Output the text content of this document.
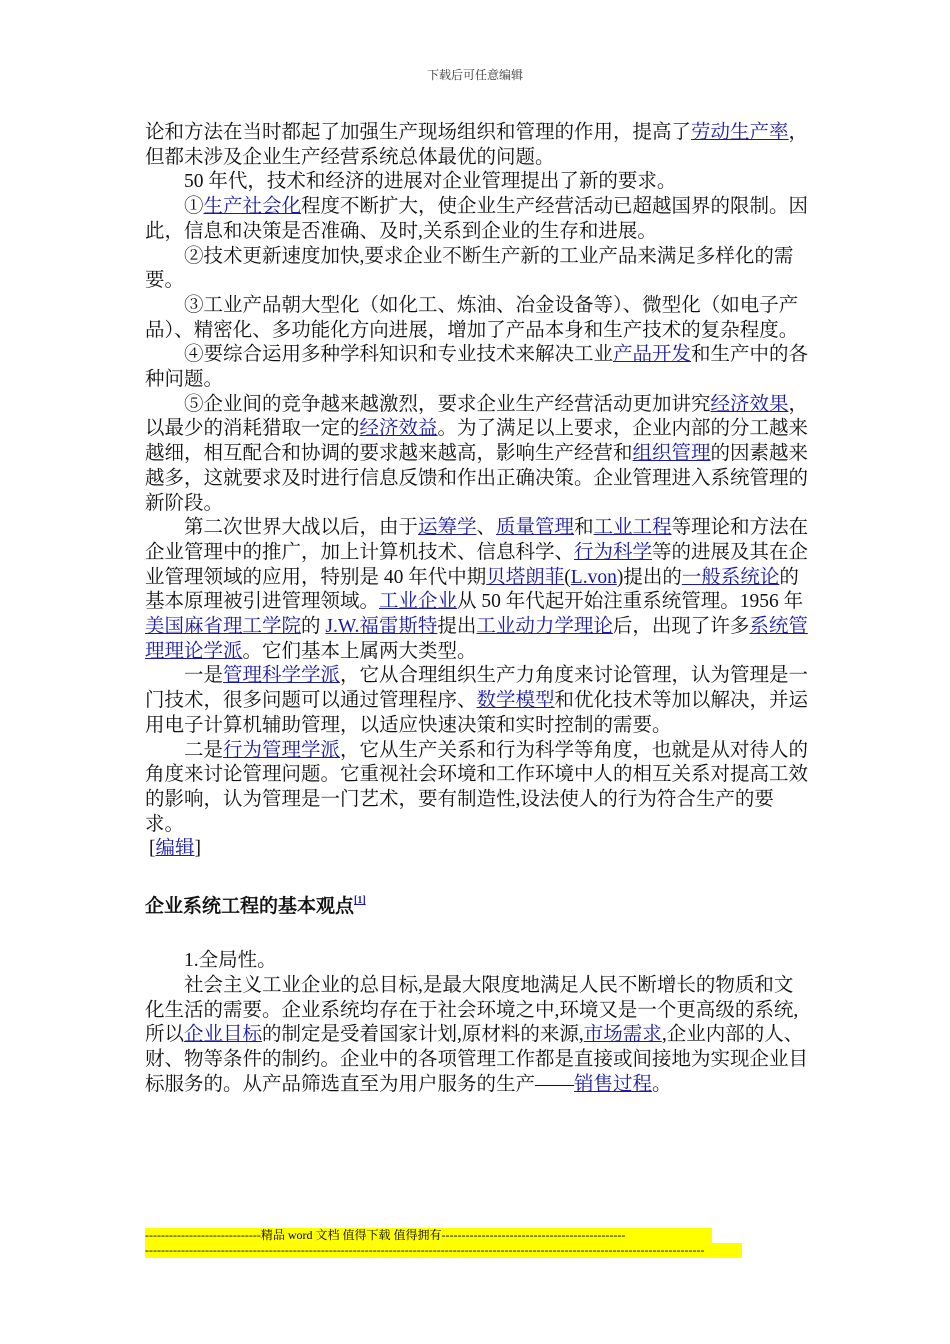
下载后可任意编辑

论和方法在当时都起了加强生产现场组织和管理的作用，提高了劳动生产率，但都未涉及企业生产经营系统总体最优的问题。

50 年代，技术和经济的进展对企业管理提出了新的要求。

①生产社会化程度不断扩大，使企业生产经营活动已超越国界的限制。因此，信息和决策是否准确、及时,关系到企业的生存和进展。

②技术更新速度加快,要求企业不断生产新的工业产品来满足多样化的需要。

③工业产品朝大型化（如化工、炼油、冶金设备等）、微型化（如电子产品）、精密化、多功能化方向进展，增加了产品本身和生产技术的复杂程度。

④要综合运用多种学科知识和专业技术来解决工业产品开发和生产中的各种问题。

⑤企业间的竞争越来越激烈，要求企业生产经营活动更加讲究经济效果，以最少的消耗猎取一定的经济效益。为了满足以上要求，企业内部的分工越来越细，相互配合和协调的要求越来越高，影响生产经营和组织管理的因素越来越多，这就要求及时进行信息反馈和作出正确决策。企业管理进入系统管理的新阶段。

第二次世界大战以后，由于运筹学、质量管理和工业工程等理论和方法在企业管理中的推广，加上计算机技术、信息科学、行为科学等的进展及其在企业管理领域的应用，特别是 40 年代中期贝塔朗菲(L.von)提出的一般系统论的基本原理被引进管理领域。工业企业从 50 年代起开始注重系统管理。1956 年美国麻省理工学院的 J.W.福雷斯特提出工业动力学理论后，出现了许多系统管理理论学派。它们基本上属两大类型。

一是管理科学学派，它从合理组织生产力角度来讨论管理，认为管理是一门技术，很多问题可以通过管理程序、数学模型和优化技术等加以解决，并运用电子计算机辅助管理，以适应快速决策和实时控制的需要。

二是行为管理学派，它从生产关系和行为科学等角度，也就是从对待人的角度来讨论管理问题。它重视社会环境和工作环境中人的相互关系对提高工效的影响，认为管理是一门艺术，要有制造性,设法使人的行为符合生产的要求。

[编辑]
企业系统工程的基本观点[1]

1.全局性。

社会主义工业企业的总目标,是最大限度地满足人民不断增长的物质和文化生活的需要。企业系统均存在于社会环境之中,环境又是一个更高级的系统,所以企业目标的制定是受着国家计划,原材料的来源,市场需求,企业内部的人、财、物等条件的制约。企业中的各项管理工作都是直接或间接地为实现企业目标服务的。从产品筛选直至为用户服务的生产——销售过程。

-----------------------------精品 word 文档 值得下载 值得拥有----------------------------------------------
--------------------------------------------------------------------------------------------------------------------------------------------
